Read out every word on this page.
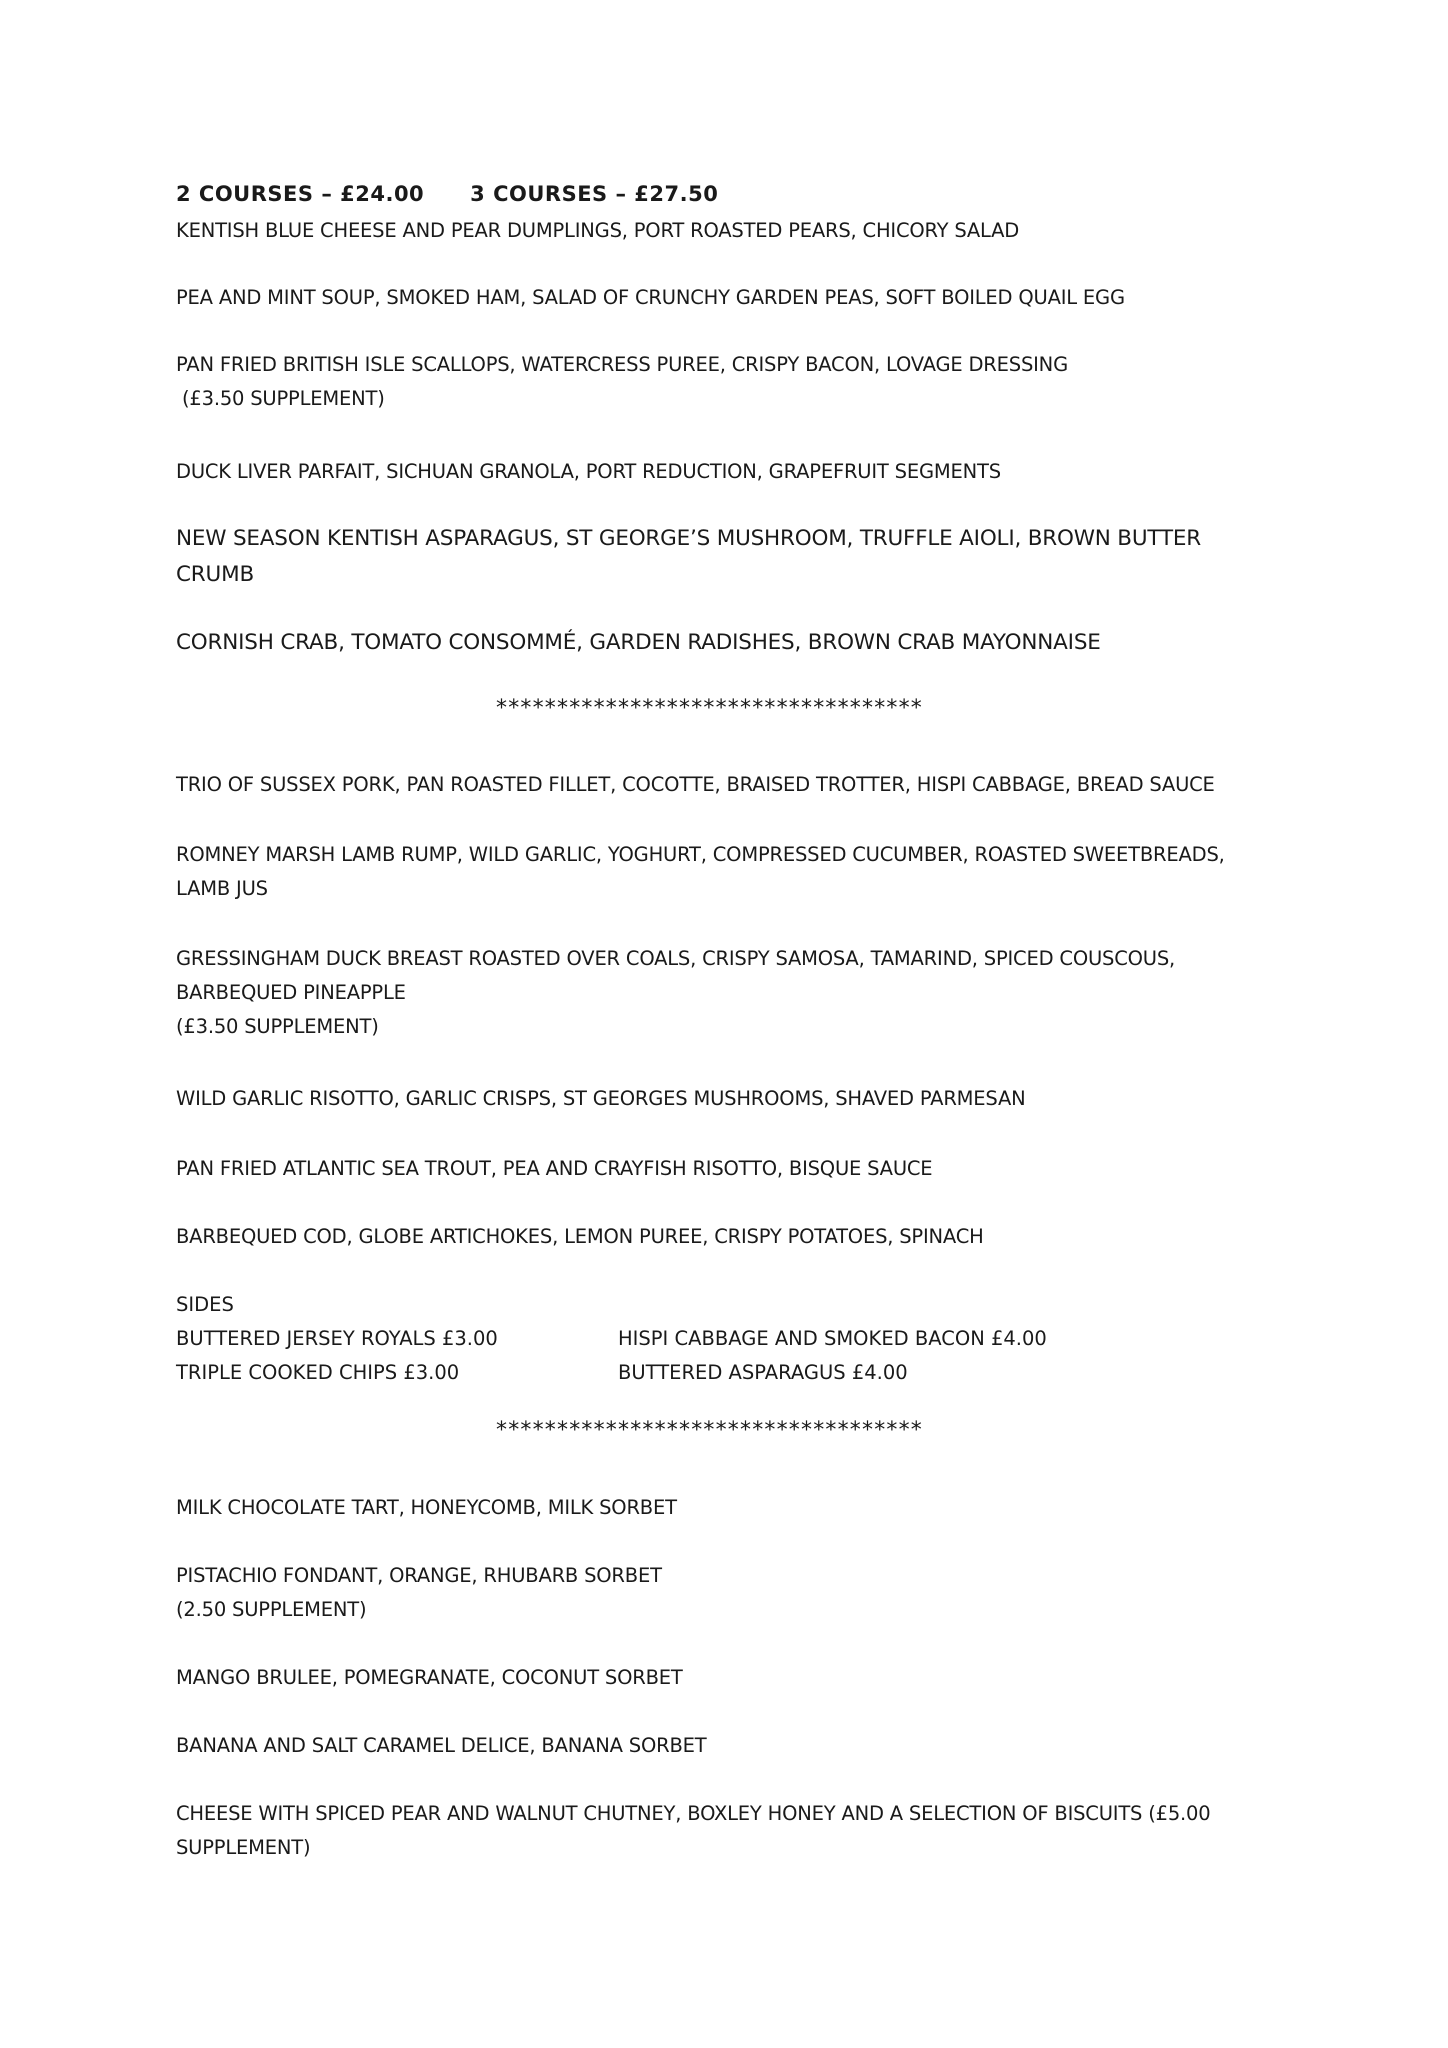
2 COURSES – £24.00 3 COURSES – £27.50
KENTISH BLUE CHEESE AND PEAR DUMPLINGS, PORT ROASTED PEARS, CHICORY SALAD
PEA AND MINT SOUP, SMOKED HAM, SALAD OF CRUNCHY GARDEN PEAS, SOFT BOILED QUAIL EGG
PAN FRIED BRITISH ISLE SCALLOPS, WATERCRESS PUREE, CRISPY BACON, LOVAGE DRESSING
(£3.50 SUPPLEMENT)
DUCK LIVER PARFAIT, SICHUAN GRANOLA, PORT REDUCTION, GRAPEFRUIT SEGMENTS
NEW SEASON KENTISH ASPARAGUS, ST GEORGE’S MUSHROOM, TRUFFLE AIOLI, BROWN BUTTER
CRUMB
CORNISH CRAB, TOMATO CONSOMMÉ, GARDEN RADISHES, BROWN CRAB MAYONNAISE
***********************************
TRIO OF SUSSEX PORK, PAN ROASTED FILLET, COCOTTE, BRAISED TROTTER, HISPI CABBAGE, BREAD SAUCE
ROMNEY MARSH LAMB RUMP, WILD GARLIC, YOGHURT, COMPRESSED CUCUMBER, ROASTED SWEETBREADS,
LAMB JUS
GRESSINGHAM DUCK BREAST ROASTED OVER COALS, CRISPY SAMOSA, TAMARIND, SPICED COUSCOUS,
BARBEQUED PINEAPPLE
(£3.50 SUPPLEMENT)
WILD GARLIC RISOTTO, GARLIC CRISPS, ST GEORGES MUSHROOMS, SHAVED PARMESAN
PAN FRIED ATLANTIC SEA TROUT, PEA AND CRAYFISH RISOTTO, BISQUE SAUCE
BARBEQUED COD, GLOBE ARTICHOKES, LEMON PUREE, CRISPY POTATOES, SPINACH
SIDES
BUTTERED JERSEY ROYALS £3.00
TRIPLE COOKED CHIPS £3.00
HISPI CABBAGE AND SMOKED BACON £4.00
BUTTERED ASPARAGUS £4.00
***********************************
MILK CHOCOLATE TART, HONEYCOMB, MILK SORBET
PISTACHIO FONDANT, ORANGE, RHUBARB SORBET
(2.50 SUPPLEMENT)
MANGO BRULEE, POMEGRANATE, COCONUT SORBET
BANANA AND SALT CARAMEL DELICE, BANANA SORBET
CHEESE WITH SPICED PEAR AND WALNUT CHUTNEY, BOXLEY HONEY AND A SELECTION OF BISCUITS (£5.00
SUPPLEMENT)
